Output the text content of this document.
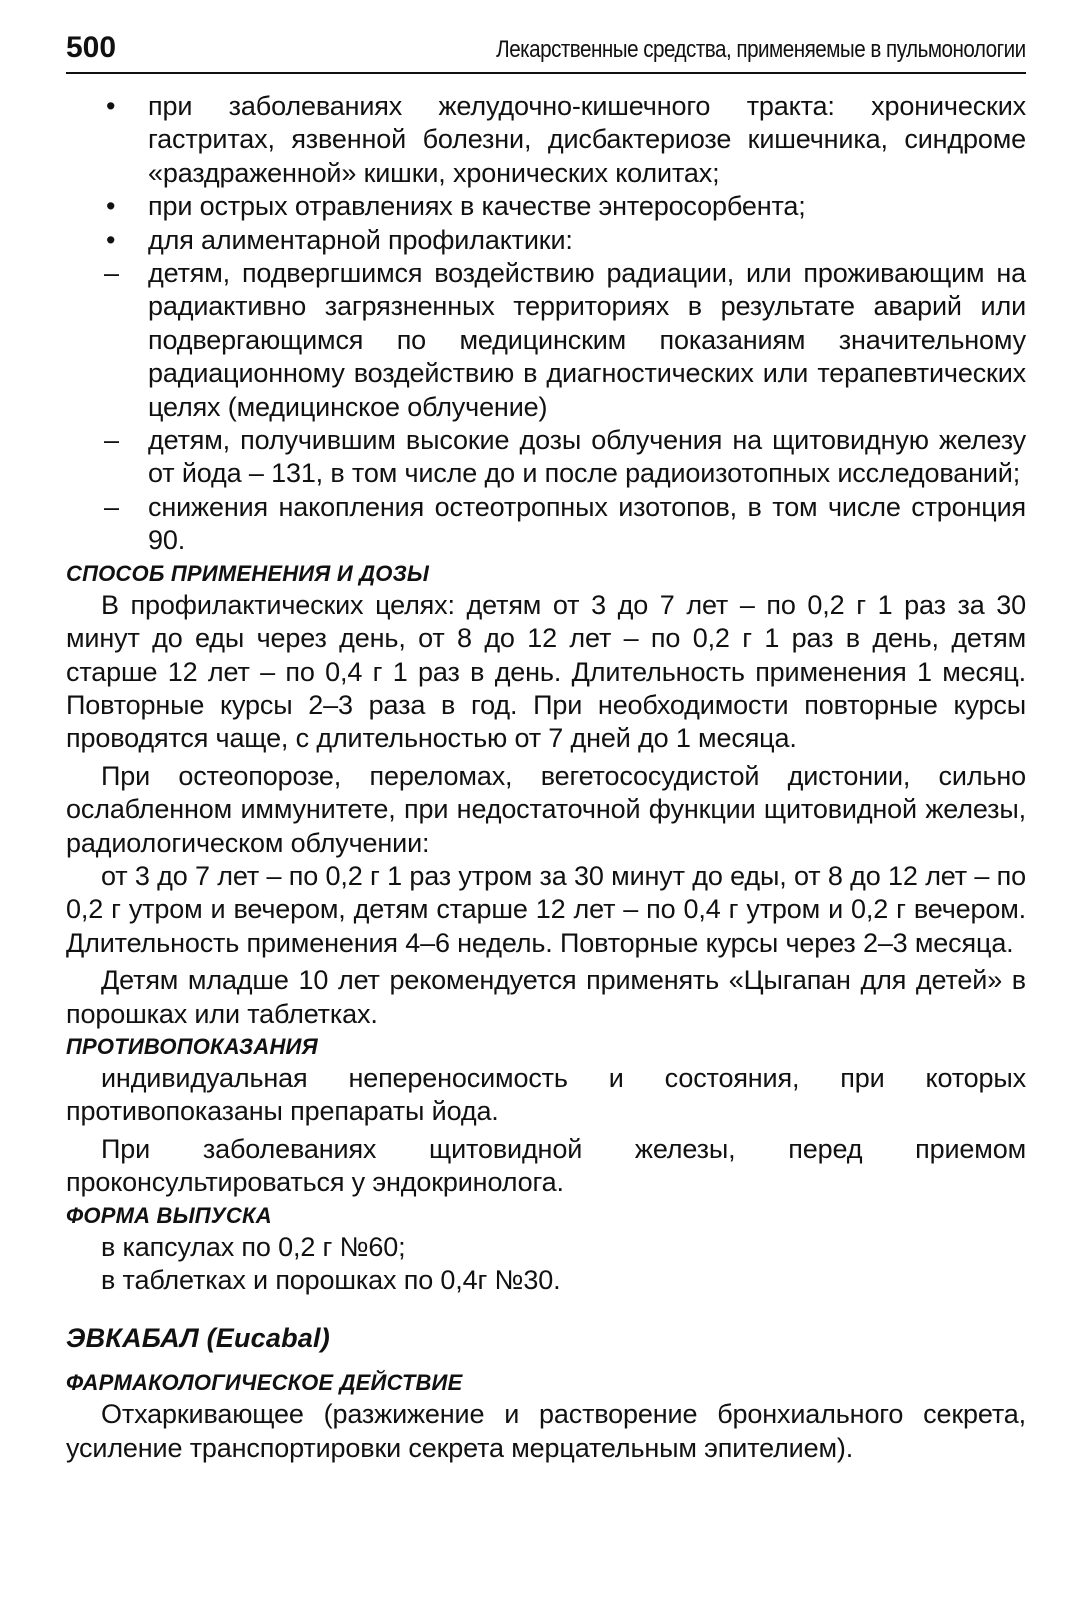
500	Лекарственные средства, применяемые в пульмонологии

•	при заболеваниях желудочно-кишечного тракта: хронических гастритах, язвенной болезни, дисбактериозе кишечника, синдроме «раздраженной» кишки, хронических колитах;

•	при острых отравлениях в качестве энтеросорбента;

•	для алиментарной профилактики:

–	детям, подвергшимся воздействию радиации, или проживающим на радиактивно загрязненных территориях в результате аварий или подвергающимся по медицинским показаниям значительному радиационному воздействию в диагностических или терапевтических целях (медицинское облучение)

–	детям, получившим высокие дозы облучения на щитовидную железу от йода – 131, в том числе до и после радиоизотопных исследований;

–	снижения накопления остеотропных изотопов, в том числе стронция 90.

СПОСОБ ПРИМЕНЕНИЯ И ДОЗЫ

В профилактических целях: детям от 3 до 7 лет – по 0,2 г 1 раз за 30 минут до еды через день, от 8 до 12 лет – по 0,2 г 1 раз в день, детям старше 12 лет – по 0,4 г 1 раз в день. Длительность применения 1 месяц. Повторные курсы 2–3 раза в год. При необходимости повторные курсы проводятся чаще, с длительностью от 7 дней до 1 месяца.

При остеопорозе, переломах, вегетососудистой дистонии, сильно ослабленном иммунитете, при недостаточной функции щитовидной железы, радиологическом облучении:

от 3 до 7 лет – по 0,2 г 1 раз утром за 30 минут до еды, от 8 до 12 лет – по 0,2 г утром и вечером, детям старше 12 лет – по 0,4 г утром и 0,2 г вечером. Длительность применения 4–6 недель. Повторные курсы через 2–3 месяца.

Детям младше 10 лет рекомендуется применять «Цыгапан для детей» в порошках или таблетках.

ПРОТИВОПОКАЗАНИЯ

индивидуальная непереносимость и состояния, при которых противопоказаны препараты йода.

При заболеваниях щитовидной железы, перед приемом проконсультироваться у эндокринолога.

ФОРМА ВЫПУСКА

в капсулах по 0,2 г №60;

в таблетках и порошках по 0,4г №30.

ЭВКАБАЛ (Eucabal)

ФАРМАКОЛОГИЧЕСКОЕ ДЕЙСТВИЕ

Отхаркивающее (разжижение и растворение бронхиального секрета, усиление транспортировки секрета мерцательным эпителием).
